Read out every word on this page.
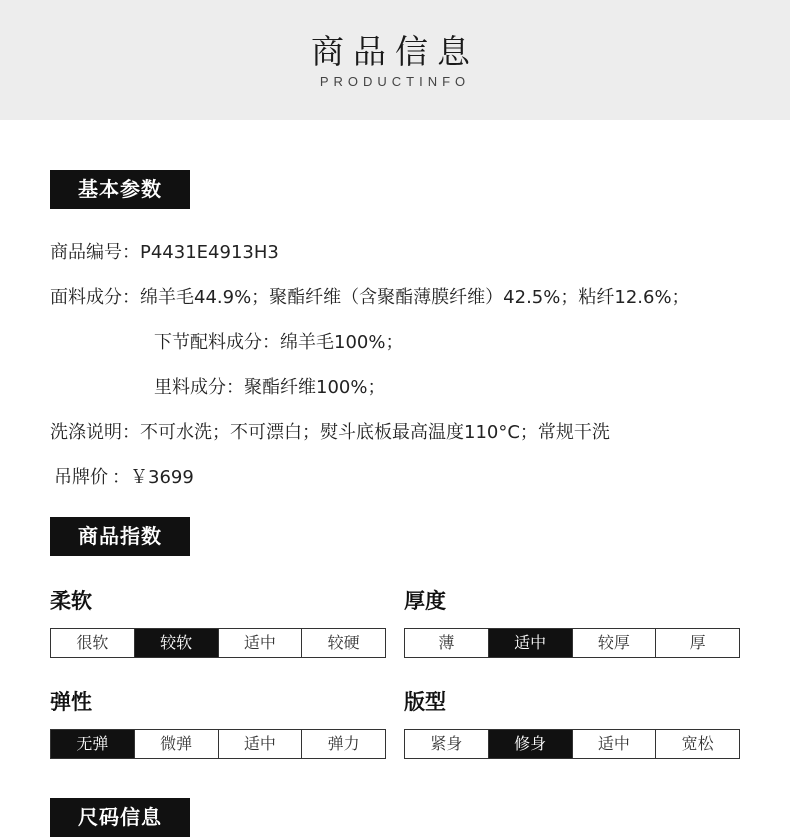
商品信息
PRODUCTINFO
基本参数
商品编号：P4431E4913H3
面料成分：绵羊毛44.9%；聚酯纤维（含聚酯薄膜纤维）42.5%；粘纤12.6%；
下节配料成分：绵羊毛100%；
里料成分：聚酯纤维100%；
洗涤说明：不可水洗；不可漂白；熨斗底板最高温度110°C；常规干洗
吊牌价 ：￥3699
商品指数
柔软
很软	较软	适中	较硬
厚度
薄	适中	较厚	厚
弹性
无弹	微弹	适中	弹力
版型
紧身	修身	适中	宽松
尺码信息
